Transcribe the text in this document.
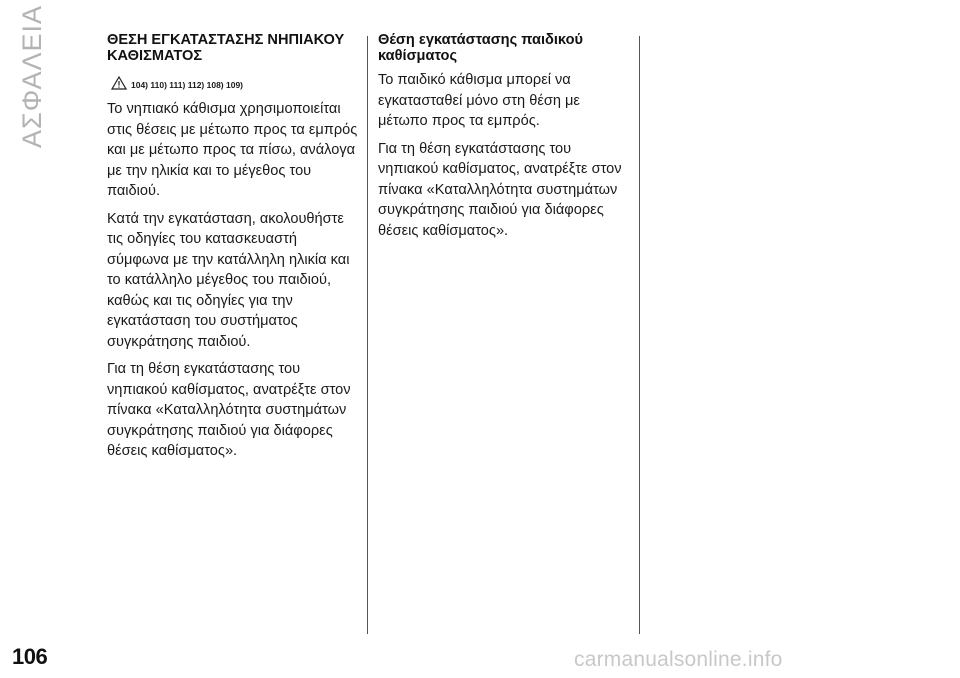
ΑΣΦΑΛΕΙΑ	ΘΕΣΗ ΕΓΚΑΤΑΣΤΑΣΗΣ ΝΗΠΙΑΚΟΥ
ΚΑΘΙΣΜΑΤΟΣ
104) 110) 111) 112) 108) 109)

Το νηπιακό κάθισμα χρησιμοποιείται στις θέσεις με μέτωπο προς τα εμπρός και με μέτωπο προς τα πίσω, ανάλογα με την ηλικία και το μέγεθος του παιδιού.

Κατά την εγκατάσταση, ακολουθήστε τις οδηγίες του κατασκευαστή σύμφωνα με την κατάλληλη ηλικία και το κατάλληλο μέγεθος του παιδιού, καθώς και τις οδηγίες για την εγκατάσταση του συστήματος συγκράτησης παιδιού.

Για τη θέση εγκατάστασης του νηπιακού καθίσματος, ανατρέξτε στον πίνακα «Καταλληλότητα συστημάτων συγκράτησης παιδιού για διάφορες θέσεις καθίσματος».

Θέση εγκατάστασης παιδικού
καθίσματος

Το παιδικό κάθισμα μπορεί να εγκατασταθεί μόνο στη θέση με μέτωπο προς τα εμπρός.

Για τη θέση εγκατάστασης του νηπιακού καθίσματος, ανατρέξτε στον πίνακα «Καταλληλότητα συστημάτων συγκράτησης παιδιού για διάφορες θέσεις καθίσματος».

106	carmanualsonline.info
